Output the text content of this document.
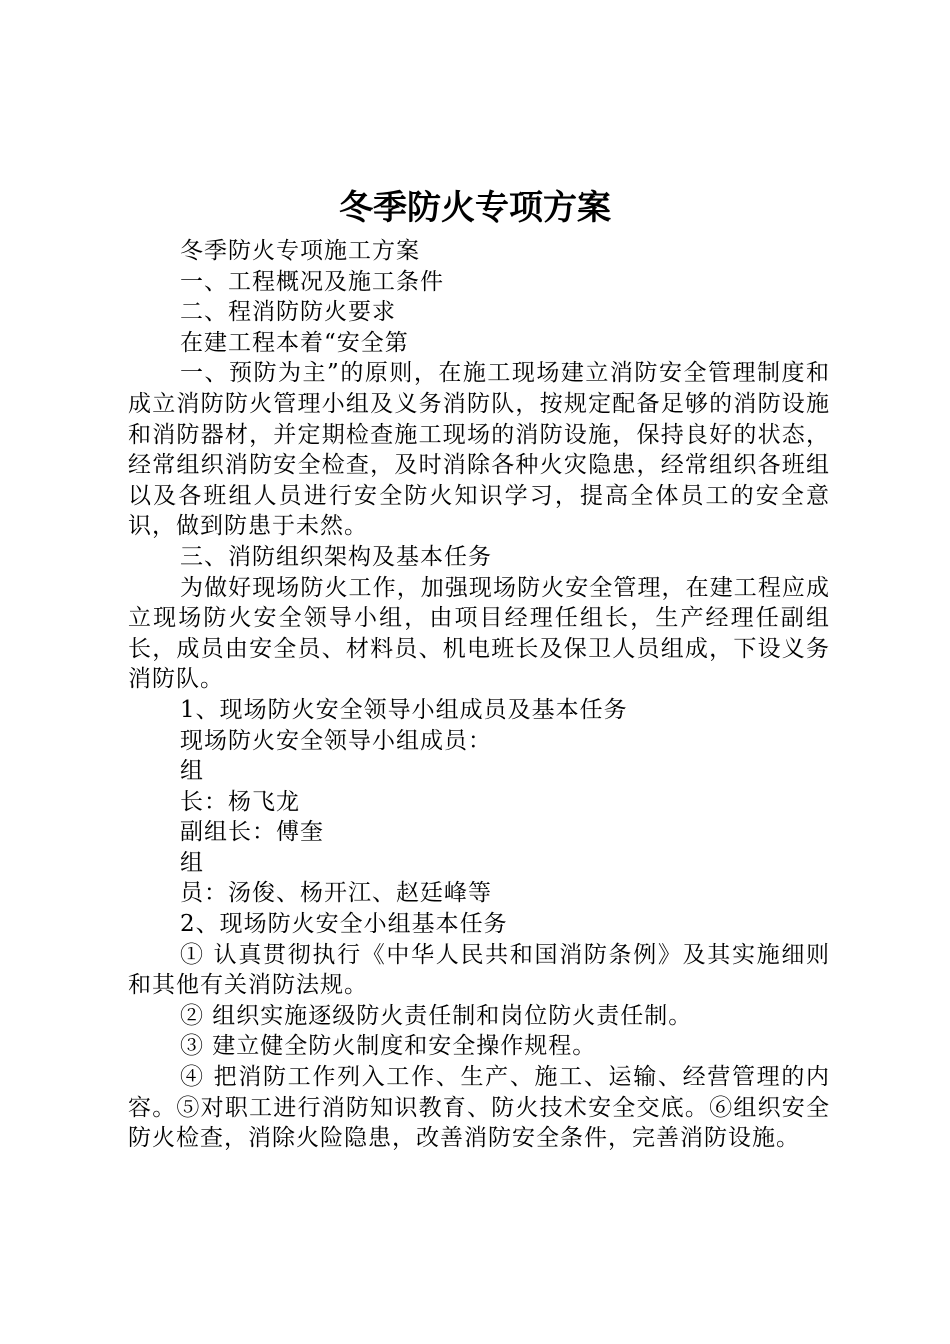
冬季防火专项方案

冬季防火专项施工方案

一、工程概况及施工条件

二、程消防防火要求

在建工程本着“安全第

一、预防为主”的原则，在施工现场建立消防安全管理制度和成立消防防火管理小组及义务消防队，按规定配备足够的消防设施和消防器材，并定期检查施工现场的消防设施，保持良好的状态，经常组织消防安全检查，及时消除各种火灾隐患，经常组织各班组以及各班组人员进行安全防火知识学习，提高全体员工的安全意识，做到防患于未然。

三、消防组织架构及基本任务

为做好现场防火工作，加强现场防火安全管理，在建工程应成立现场防火安全领导小组，由项目经理任组长，生产经理任副组长，成员由安全员、材料员、机电班长及保卫人员组成，下设义务消防队。

1、现场防火安全领导小组成员及基本任务

现场防火安全领导小组成员：

组

长：杨飞龙

副组长：傅奎

组

员：汤俊、杨开江、赵廷峰等

2、现场防火安全小组基本任务

① 认真贯彻执行《中华人民共和国消防条例》及其实施细则和其他有关消防法规。

② 组织实施逐级防火责任制和岗位防火责任制。

③ 建立健全防火制度和安全操作规程。

④ 把消防工作列入工作、生产、施工、运输、经营管理的内容。⑤对职工进行消防知识教育、防火技术安全交底。⑥组织安全防火检查，消除火险隐患，改善消防安全条件，完善消防设施。
